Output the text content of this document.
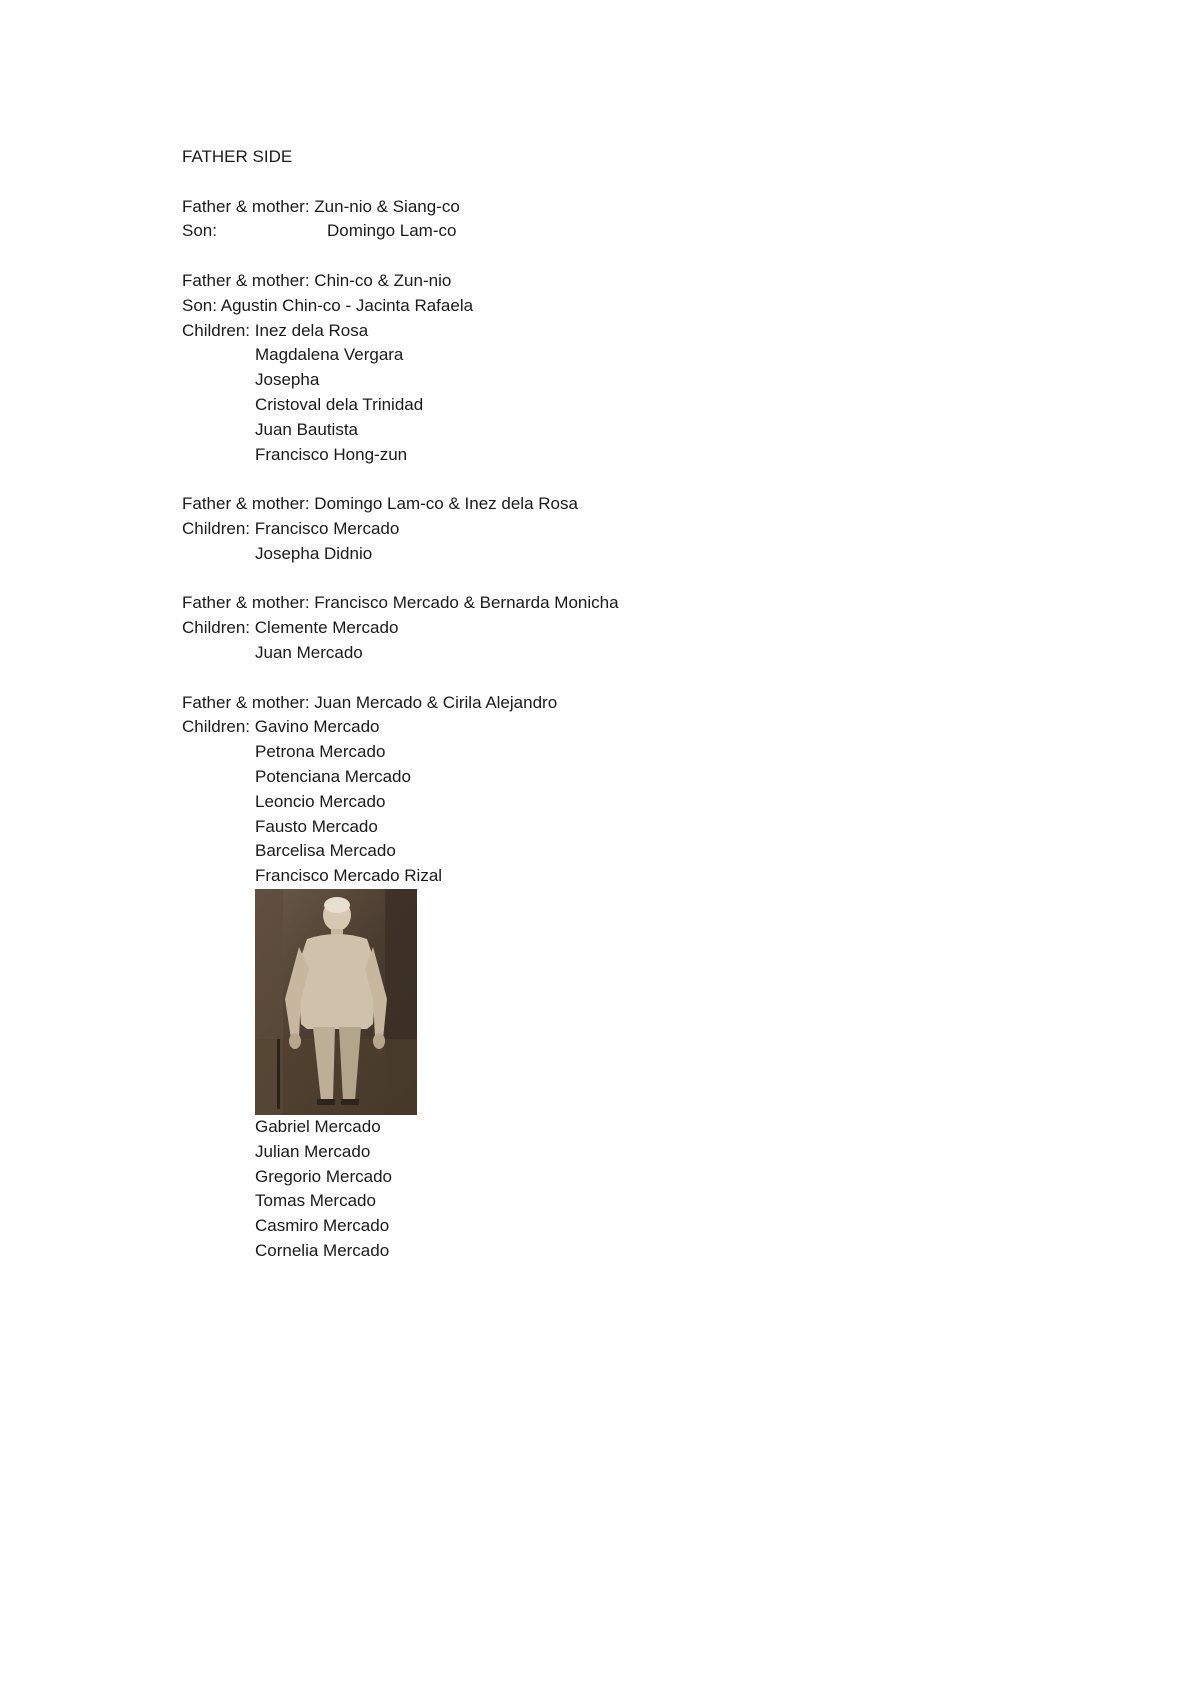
FATHER SIDE
Father & mother: Zun-nio & Siang-co
Son:	Domingo Lam-co
Father & mother: Chin-co & Zun-nio
Son: Agustin Chin-co - Jacinta Rafaela
Children: Inez dela Rosa
Magdalena Vergara
Josepha
Cristoval dela Trinidad
Juan Bautista
Francisco Hong-zun
Father & mother: Domingo Lam-co & Inez dela Rosa
Children: Francisco Mercado
Josepha Didnio
Father & mother: Francisco Mercado & Bernarda Monicha
Children: Clemente Mercado
Juan Mercado
Father & mother: Juan Mercado & Cirila Alejandro
Children: Gavino Mercado
Petrona Mercado
Potenciana Mercado
Leoncio Mercado
Fausto Mercado
Barcelisa Mercado
Francisco Mercado Rizal
Gabriel Mercado
Julian Mercado
Gregorio Mercado
Tomas Mercado
Casmiro Mercado
Cornelia Mercado
